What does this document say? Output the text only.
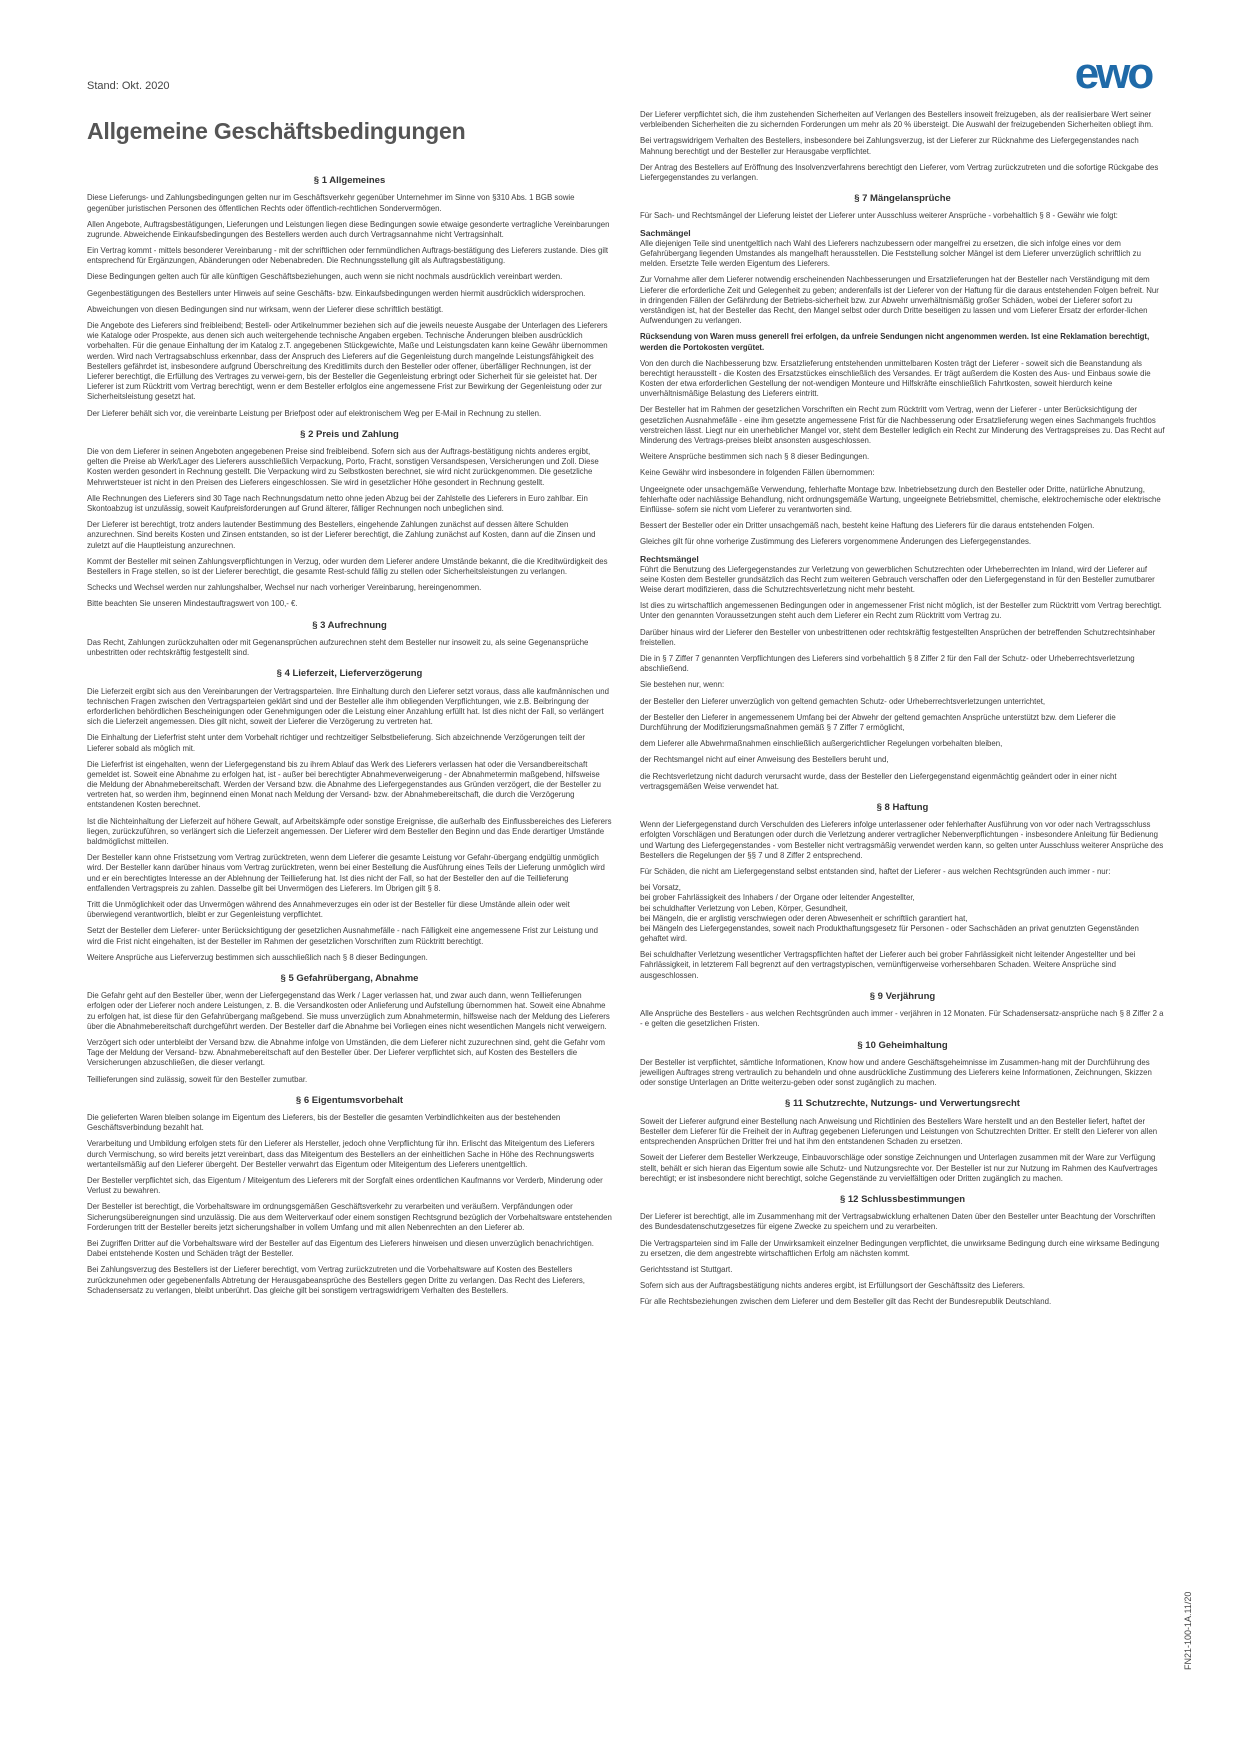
Stand: Okt. 2020	ewo
Allgemeine Geschäftsbedingungen
§ 1 Allgemeines

Diese Lieferungs- und Zahlungsbedingungen gelten nur im Geschäftsverkehr gegenüber Unternehmer im Sinne von §310 Abs. 1 BGB sowie gegenüber juristischen Personen des öffentlichen Rechts oder öffentlich-rechtlichen Sondervermögen.

Allen Angebote, Auftragsbestätigungen, Lieferungen und Leistungen liegen diese Bedingungen sowie etwaige gesonderte vertragliche Vereinbarungen zugrunde. Abweichende Einkaufsbedingungen des Bestellers werden auch durch Vertragsannahme nicht Vertragsinhalt.

Ein Vertrag kommt - mittels besonderer Vereinbarung - mit der schriftlichen oder fernmündlichen Auftrags-bestätigung des Lieferers zustande. Dies gilt entsprechend für Ergänzungen, Abänderungen oder Nebenabreden. Die Rechnungsstellung gilt als Auftragsbestätigung.

Diese Bedingungen gelten auch für alle künftigen Geschäftsbeziehungen, auch wenn sie nicht nochmals ausdrücklich vereinbart werden.

Gegenbestätigungen des Bestellers unter Hinweis auf seine Geschäfts- bzw. Einkaufsbedingungen werden hiermit ausdrücklich widersprochen.

Abweichungen von diesen Bedingungen sind nur wirksam, wenn der Lieferer diese schriftlich bestätigt.

Die Angebote des Lieferers sind freibleibend; Bestell- oder Artikelnummer beziehen sich auf die jeweils neueste Ausgabe der Unterlagen des Lieferers wie Kataloge oder Prospekte, aus denen sich auch weitergehende technische Angaben ergeben. Technische Änderungen bleiben ausdrücklich vorbehalten. Für die genaue Einhaltung der im Katalog z.T. angegebenen Stückgewichte, Maße und Leistungsdaten kann keine Gewähr übernommen werden. Wird nach Vertragsabschluss erkennbar, dass der Anspruch des Lieferers auf die Gegenleistung durch mangelnde Leistungsfähigkeit des Bestellers gefährdet ist, insbesondere aufgrund Überschreitung des Kreditlimits durch den Besteller oder offener, überfälliger Rechnungen, ist der Lieferer berechtigt, die Erfüllung des Vertrages zu verwei-gern, bis der Besteller die Gegenleistung erbringt oder Sicherheit für sie geleistet hat. Der Lieferer ist zum Rücktritt vom Vertrag berechtigt, wenn er dem Besteller erfolglos eine angemessene Frist zur Bewirkung der Gegenleistung oder zur Sicherheitsleistung gesetzt hat.

Der Lieferer behält sich vor, die vereinbarte Leistung per Briefpost oder auf elektronischem Weg per E-Mail in Rechnung zu stellen.

§ 2 Preis und Zahlung

Die von dem Lieferer in seinen Angeboten angegebenen Preise sind freibleibend. Sofern sich aus der Auftrags-bestätigung nichts anderes ergibt, gelten die Preise ab Werk/Lager des Lieferers ausschließlich Verpackung, Porto, Fracht, sonstigen Versandspesen, Versicherungen und Zoll. Diese Kosten werden gesondert in Rechnung gestellt. Die Verpackung wird zu Selbstkosten berechnet, sie wird nicht zurückgenommen. Die gesetzliche Mehrwertsteuer ist nicht in den Preisen des Lieferers eingeschlossen. Sie wird in gesetzlicher Höhe gesondert in Rechnung gestellt.

Alle Rechnungen des Lieferers sind 30 Tage nach Rechnungsdatum netto ohne jeden Abzug bei der Zahlstelle des Lieferers in Euro zahlbar. Ein Skontoabzug ist unzulässig, soweit Kaufpreisforderungen auf Grund älterer, fälliger Rechnungen noch unbeglichen sind.

Der Lieferer ist berechtigt, trotz anders lautender Bestimmung des Bestellers, eingehende Zahlungen zunächst auf dessen ältere Schulden anzurechnen. Sind bereits Kosten und Zinsen entstanden, so ist der Lieferer berechtigt, die Zahlung zunächst auf Kosten, dann auf die Zinsen und zuletzt auf die Hauptleistung anzurechnen.

Kommt der Besteller mit seinen Zahlungsverpflichtungen in Verzug, oder wurden dem Lieferer andere Umstände bekannt, die die Kreditwürdigkeit des Bestellers in Frage stellen, so ist der Lieferer berechtigt, die gesamte Rest-schuld fällig zu stellen oder Sicherheitsleistungen zu verlangen.

Schecks und Wechsel werden nur zahlungshalber, Wechsel nur nach vorheriger Vereinbarung, hereingenommen.

Bitte beachten Sie unseren Mindestauftragswert von 100,- €.

§ 3 Aufrechnung

Das Recht, Zahlungen zurückzuhalten oder mit Gegenansprüchen aufzurechnen steht dem Besteller nur insoweit zu, als seine Gegenansprüche unbestritten oder rechtskräftig festgestellt sind.

§ 4 Lieferzeit, Lieferverzögerung

Die Lieferzeit ergibt sich aus den Vereinbarungen der Vertragsparteien. Ihre Einhaltung durch den Lieferer setzt voraus, dass alle kaufmännischen und technischen Fragen zwischen den Vertragsparteien geklärt sind und der Besteller alle ihm obliegenden Verpflichtungen, wie z.B. Beibringung der erforderlichen behördlichen Bescheinigungen oder Genehmigungen oder die Leistung einer Anzahlung erfüllt hat. Ist dies nicht der Fall, so verlängert sich die Lieferzeit angemessen. Dies gilt nicht, soweit der Lieferer die Verzögerung zu vertreten hat.

Die Einhaltung der Lieferfrist steht unter dem Vorbehalt richtiger und rechtzeitiger Selbstbelieferung. Sich abzeichnende Verzögerungen teilt der Lieferer sobald als möglich mit.

Die Lieferfrist ist eingehalten, wenn der Liefergegenstand bis zu ihrem Ablauf das Werk des Lieferers verlassen hat oder die Versandbereitschaft gemeldet ist. Soweit eine Abnahme zu erfolgen hat, ist - außer bei berechtigter Abnahmeverweigerung - der Abnahmetermin maßgebend, hilfsweise die Meldung der Abnahmebereitschaft. Werden der Versand bzw. die Abnahme des Liefergegenstandes aus Gründen verzögert, die der Besteller zu vertreten hat, so werden ihm, beginnend einen Monat nach Meldung der Versand- bzw. der Abnahmebereitschaft, die durch die Verzögerung entstandenen Kosten berechnet.

Ist die Nichteinhaltung der Lieferzeit auf höhere Gewalt, auf Arbeitskämpfe oder sonstige Ereignisse, die außerhalb des Einflussbereiches des Lieferers liegen, zurückzuführen, so verlängert sich die Lieferzeit angemessen. Der Lieferer wird dem Besteller den Beginn und das Ende derartiger Umstände baldmöglichst mitteilen.

Der Besteller kann ohne Fristsetzung vom Vertrag zurücktreten, wenn dem Lieferer die gesamte Leistung vor Gefahr-übergang endgültig unmöglich wird. Der Besteller kann darüber hinaus vom Vertrag zurücktreten, wenn bei einer Bestellung die Ausführung eines Teils der Lieferung unmöglich wird und er ein berechtigtes Interesse an der Ablehnung der Teillieferung hat. Ist dies nicht der Fall, so hat der Besteller den auf die Teillieferung entfallenden Vertragspreis zu zahlen. Dasselbe gilt bei Unvermögen des Lieferers. Im Übrigen gilt § 8.

Tritt die Unmöglichkeit oder das Unvermögen während des Annahmeverzuges ein oder ist der Besteller für diese Umstände allein oder weit überwiegend verantwortlich, bleibt er zur Gegenleistung verpflichtet.

Setzt der Besteller dem Lieferer- unter Berücksichtigung der gesetzlichen Ausnahmefälle - nach Fälligkeit eine angemessene Frist zur Leistung und wird die Frist nicht eingehalten, ist der Besteller im Rahmen der gesetzlichen Vorschriften zum Rücktritt berechtigt.

Weitere Ansprüche aus Lieferverzug bestimmen sich ausschließlich nach § 8 dieser Bedingungen.

§ 5 Gefahrübergang, Abnahme

Die Gefahr geht auf den Besteller über, wenn der Liefergegenstand das Werk / Lager verlassen hat, und zwar auch dann, wenn Teillieferungen erfolgen oder der Lieferer noch andere Leistungen, z. B. die Versandkosten oder Anlieferung und Aufstellung übernommen hat. Soweit eine Abnahme zu erfolgen hat, ist diese für den Gefahrübergang maßgebend. Sie muss unverzüglich zum Abnahmetermin, hilfsweise nach der Meldung des Lieferers über die Abnahmebereitschaft durchgeführt werden. Der Besteller darf die Abnahme bei Vorliegen eines nicht wesentlichen Mangels nicht verweigern.

Verzögert sich oder unterbleibt der Versand bzw. die Abnahme infolge von Umständen, die dem Lieferer nicht zuzurechnen sind, geht die Gefahr vom Tage der Meldung der Versand- bzw. Abnahmebereitschaft auf den Besteller über. Der Lieferer verpflichtet sich, auf Kosten des Bestellers die Versicherungen abzuschließen, die dieser verlangt.

Teillieferungen sind zulässig, soweit für den Besteller zumutbar.

§ 6 Eigentumsvorbehalt

Die gelieferten Waren bleiben solange im Eigentum des Lieferers, bis der Besteller die gesamten Verbindlichkeiten aus der bestehenden Geschäftsverbindung bezahlt hat.

Verarbeitung und Umbildung erfolgen stets für den Lieferer als Hersteller, jedoch ohne Verpflichtung für ihn. Erlischt das Miteigentum des Lieferers durch Vermischung, so wird bereits jetzt vereinbart, dass das Miteigentum des Bestellers an der einheitlichen Sache in Höhe des Rechnungswerts wertanteilsmäßig auf den Lieferer übergeht. Der Besteller verwahrt das Eigentum oder Miteigentum des Lieferers unentgeltlich.

Der Besteller verpflichtet sich, das Eigentum / Miteigentum des Lieferers mit der Sorgfalt eines ordentlichen Kaufmanns vor Verderb, Minderung oder Verlust zu bewahren.

Der Besteller ist berechtigt, die Vorbehaltsware im ordnungsgemäßen Geschäftsverkehr zu verarbeiten und veräußern. Verpfändungen oder Sicherungsübereignungen sind unzulässig. Die aus dem Weiterverkauf oder einem sonstigen Rechtsgrund bezüglich der Vorbehaltsware entstehenden Forderungen tritt der Besteller bereits jetzt sicherungshalber in vollem Umfang und mit allen Nebenrechten an den Lieferer ab.

Bei Zugriffen Dritter auf die Vorbehaltsware wird der Besteller auf das Eigentum des Lieferers hinweisen und diesen unverzüglich benachrichtigen. Dabei entstehende Kosten und Schäden trägt der Besteller.

Bei Zahlungsverzug des Bestellers ist der Lieferer berechtigt, vom Vertrag zurückzutreten und die Vorbehaltsware auf Kosten des Bestellers zurückzunehmen oder gegebenenfalls Abtretung der Herausgabeansprüche des Bestellers gegen Dritte zu verlangen. Das Recht des Lieferers, Schadensersatz zu verlangen, bleibt unberührt. Das gleiche gilt bei sonstigem vertragswidrigem Verhalten des Bestellers.

Der Lieferer verpflichtet sich, die ihm zustehenden Sicherheiten auf Verlangen des Bestellers insoweit freizugeben, als der realisierbare Wert seiner verbleibenden Sicherheiten die zu sichernden Forderungen um mehr als 20 % übersteigt. Die Auswahl der freizugebenden Sicherheiten obliegt ihm.

Bei vertragswidrigem Verhalten des Bestellers, insbesondere bei Zahlungsverzug, ist der Lieferer zur Rücknahme des Liefergegenstandes nach Mahnung berechtigt und der Besteller zur Herausgabe verpflichtet.

Der Antrag des Bestellers auf Eröffnung des Insolvenzverfahrens berechtigt den Lieferer, vom Vertrag zurückzutreten und die sofortige Rückgabe des Liefergegenstandes zu verlangen.

§ 7 Mängelansprüche

Für Sach- und Rechtsmängel der Lieferung leistet der Lieferer unter Ausschluss weiterer Ansprüche - vorbehaltlich § 8 - Gewähr wie folgt:

Sachmängel

Alle diejenigen Teile sind unentgeltlich nach Wahl des Lieferers nachzubessern oder mangelfrei zu ersetzen, die sich infolge eines vor dem Gefahrübergang liegenden Umstandes als mangelhaft herausstellen. Die Feststellung solcher Mängel ist dem Lieferer unverzüglich schriftlich zu melden. Ersetzte Teile werden Eigentum des Lieferers.

Zur Vornahme aller dem Lieferer notwendig erscheinenden Nachbesserungen und Ersatzlieferungen hat der Besteller nach Verständigung mit dem Lieferer die erforderliche Zeit und Gelegenheit zu geben; anderenfalls ist der Lieferer von der Haftung für die daraus entstehenden Folgen befreit. Nur in dringenden Fällen der Gefährdung der Betriebs-sicherheit bzw. zur Abwehr unverhältnismäßig großer Schäden, wobei der Lieferer sofort zu verständigen ist, hat der Besteller das Recht, den Mangel selbst oder durch Dritte beseitigen zu lassen und vom Lieferer Ersatz der erforder-lichen Aufwendungen zu verlangen.

Rücksendung von Waren muss generell frei erfolgen, da unfreie Sendungen nicht angenommen werden. Ist eine Reklamation berechtigt, werden die Portokosten vergütet.

Von den durch die Nachbesserung bzw. Ersatzlieferung entstehenden unmittelbaren Kosten trägt der Lieferer - soweit sich die Beanstandung als berechtigt herausstellt - die Kosten des Ersatzstückes einschließlich des Versandes. Er trägt außerdem die Kosten des Aus- und Einbaus sowie die Kosten der etwa erforderlichen Gestellung der not-wendigen Monteure und Hilfskräfte einschließlich Fahrtkosten, soweit hierdurch keine unverhältnismäßige Belastung des Lieferers eintritt.

Der Besteller hat im Rahmen der gesetzlichen Vorschriften ein Recht zum Rücktritt vom Vertrag, wenn der Lieferer - unter Berücksichtigung der gesetzlichen Ausnahmefälle - eine ihm gesetzte angemessene Frist für die Nachbesserung oder Ersatzlieferung wegen eines Sachmangels fruchtlos verstreichen lässt. Liegt nur ein unerheblicher Mangel vor, steht dem Besteller lediglich ein Recht zur Minderung des Vertragspreises zu. Das Recht auf Minderung des Vertrags-preises bleibt ansonsten ausgeschlossen.

Weitere Ansprüche bestimmen sich nach § 8 dieser Bedingungen.

Keine Gewähr wird insbesondere in folgenden Fällen übernommen:

Ungeeignete oder unsachgemäße Verwendung, fehlerhafte Montage bzw. Inbetriebsetzung durch den Besteller oder Dritte, natürliche Abnutzung, fehlerhafte oder nachlässige Behandlung, nicht ordnungsgemäße Wartung, ungeeignete Betriebsmittel, chemische, elektrochemische oder elektrische Einflüsse- sofern sie nicht vom Lieferer zu verantworten sind.

Bessert der Besteller oder ein Dritter unsachgemäß nach, besteht keine Haftung des Lieferers für die daraus entstehenden Folgen.

Gleiches gilt für ohne vorherige Zustimmung des Lieferers vorgenommene Änderungen des Liefergegenstandes.

Rechtsmängel

Führt die Benutzung des Liefergegenstandes zur Verletzung von gewerblichen Schutzrechten oder Urheberrechten im Inland, wird der Lieferer auf seine Kosten dem Besteller grundsätzlich das Recht zum weiteren Gebrauch verschaffen oder den Liefergegenstand in für den Besteller zumutbarer Weise derart modifizieren, dass die Schutzrechtsverletzung nicht mehr besteht.

Ist dies zu wirtschaftlich angemessenen Bedingungen oder in angemessener Frist nicht möglich, ist der Besteller zum Rücktritt vom Vertrag berechtigt. Unter den genannten Voraussetzungen steht auch dem Lieferer ein Recht zum Rücktritt vom Vertrag zu.

Darüber hinaus wird der Lieferer den Besteller von unbestrittenen oder rechtskräftig festgestellten Ansprüchen der betreffenden Schutzrechtsinhaber freistellen.

Die in § 7 Ziffer 7 genannten Verpflichtungen des Lieferers sind vorbehaltlich § 8 Ziffer 2 für den Fall der Schutz- oder Urheberrechtsverletzung abschließend.

Sie bestehen nur, wenn:

der Besteller den Lieferer unverzüglich von geltend gemachten Schutz- oder Urheberrechtsverletzungen unterrichtet,

der Besteller den Lieferer in angemessenem Umfang bei der Abwehr der geltend gemachten Ansprüche unterstützt bzw. dem Lieferer die Durchführung der Modifizierungsmaßnahmen gemäß § 7 Ziffer 7 ermöglicht,

dem Lieferer alle Abwehrmaßnahmen einschließlich außergerichtlicher Regelungen vorbehalten bleiben,

der Rechtsmangel nicht auf einer Anweisung des Bestellers beruht und,

die Rechtsverletzung nicht dadurch verursacht wurde, dass der Besteller den Liefergegenstand eigenmächtig geändert oder in einer nicht vertragsgemäßen Weise verwendet hat.

§ 8 Haftung

Wenn der Liefergegenstand durch Verschulden des Lieferers infolge unterlassener oder fehlerhafter Ausführung von vor oder nach Vertragsschluss erfolgten Vorschlägen und Beratungen oder durch die Verletzung anderer vertraglicher Nebenverpflichtungen - insbesondere Anleitung für Bedienung und Wartung des Liefergegenstandes - vom Besteller nicht vertragsmäßig verwendet werden kann, so gelten unter Ausschluss weiterer Ansprüche des Bestellers die Regelungen der §§ 7 und 8 Ziffer 2 entsprechend.

Für Schäden, die nicht am Liefergegenstand selbst entstanden sind, haftet der Lieferer - aus welchen Rechtsgründen auch immer - nur:

bei Vorsatz,
bei grober Fahrlässigkeit des Inhabers / der Organe oder leitender Angestellter,
bei schuldhafter Verletzung von Leben, Körper, Gesundheit,
bei Mängeln, die er arglistig verschwiegen oder deren Abwesenheit er schriftlich garantiert hat,
bei Mängeln des Liefergegenstandes, soweit nach Produkthaftungsgesetz für Personen - oder Sachschäden an privat genutzten Gegenständen gehaftet wird.

Bei schuldhafter Verletzung wesentlicher Vertragspflichten haftet der Lieferer auch bei grober Fahrlässigkeit nicht leitender Angestellter und bei Fahrlässigkeit, in letzterem Fall begrenzt auf den vertragstypischen, vernünftigerweise vorhersehbaren Schaden. Weitere Ansprüche sind ausgeschlossen.

§ 9 Verjährung

Alle Ansprüche des Bestellers - aus welchen Rechtsgründen auch immer - verjähren in 12 Monaten. Für Schadensersatz-ansprüche nach § 8 Ziffer 2 a - e gelten die gesetzlichen Fristen.

§ 10 Geheimhaltung

Der Besteller ist verpflichtet, sämtliche Informationen, Know how und andere Geschäftsgeheimnisse im Zusammen-hang mit der Durchführung des jeweiligen Auftrages streng vertraulich zu behandeln und ohne ausdrückliche Zustimmung des Lieferers keine Informationen, Zeichnungen, Skizzen oder sonstige Unterlagen an Dritte weiterzu-geben oder sonst zugänglich zu machen.

§ 11 Schutzrechte, Nutzungs- und Verwertungsrecht

Soweit der Lieferer aufgrund einer Bestellung nach Anweisung und Richtlinien des Bestellers Ware herstellt und an den Besteller liefert, haftet der Besteller dem Lieferer für die Freiheit der in Auftrag gegebenen Lieferungen und Leistungen von Schutzrechten Dritter. Er stellt den Lieferer von allen entsprechenden Ansprüchen Dritter frei und hat ihm den entstandenen Schaden zu ersetzen.

Soweit der Lieferer dem Besteller Werkzeuge, Einbauvorschläge oder sonstige Zeichnungen und Unterlagen zusammen mit der Ware zur Verfügung stellt, behält er sich hieran das Eigentum sowie alle Schutz- und Nutzungsrechte vor. Der Besteller ist nur zur Nutzung im Rahmen des Kaufvertrages berechtigt; er ist insbesondere nicht berechtigt, solche Gegenstände zu vervielfältigen oder Dritten zugänglich zu machen.

§ 12 Schlussbestimmungen

Der Lieferer ist berechtigt, alle im Zusammenhang mit der Vertragsabwicklung erhaltenen Daten über den Besteller unter Beachtung der Vorschriften des Bundesdatenschutzgesetzes für eigene Zwecke zu speichern und zu verarbeiten.

Die Vertragsparteien sind im Falle der Unwirksamkeit einzelner Bedingungen verpflichtet, die unwirksame Bedingung durch eine wirksame Bedingung zu ersetzen, die dem angestrebte wirtschaftlichen Erfolg am nächsten kommt.

Gerichtsstand ist Stuttgart.

Sofern sich aus der Auftragsbestätigung nichts anderes ergibt, ist Erfüllungsort der Geschäftssitz des Lieferers.

Für alle Rechtsbeziehungen zwischen dem Lieferer und dem Besteller gilt das Recht der Bundesrepublik Deutschland.

FN21-100-1A.11/20
